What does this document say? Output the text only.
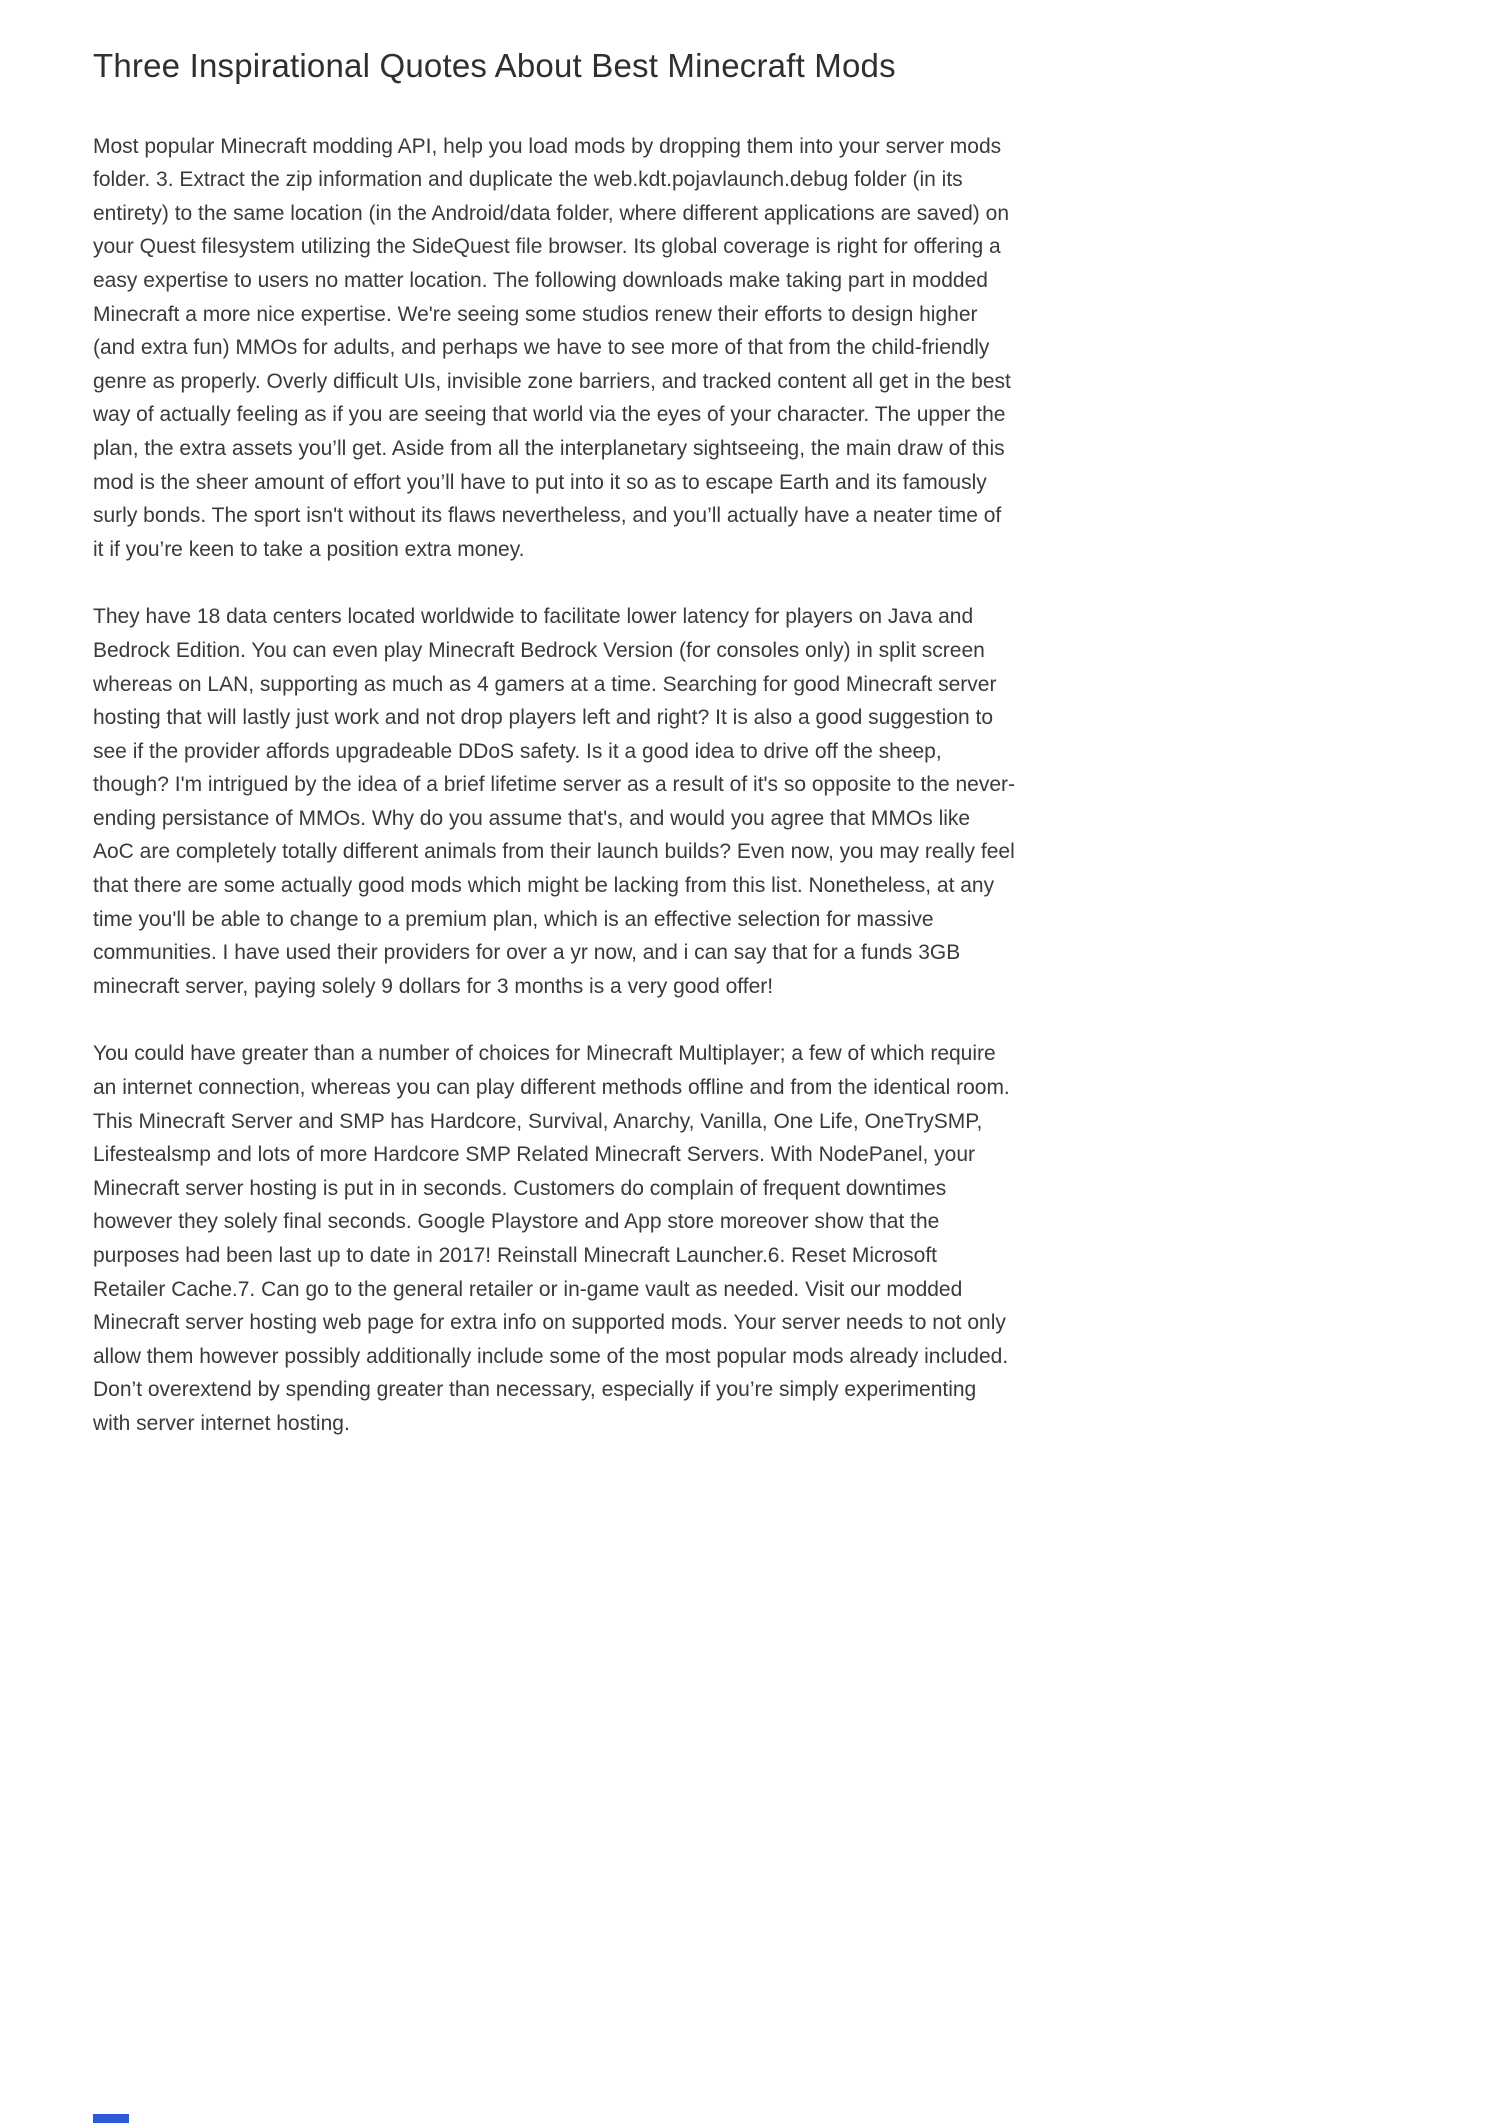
Three Inspirational Quotes About Best Minecraft Mods

Most popular Minecraft modding API, help you load mods by dropping them into your server mods folder. 3. Extract the zip information and duplicate the web.kdt.pojavlaunch.debug folder (in its entirety) to the same location (in the Android/data folder, where different applications are saved) on your Quest filesystem utilizing the SideQuest file browser. Its global coverage is right for offering a easy expertise to users no matter location. The following downloads make taking part in modded Minecraft a more nice expertise. We're seeing some studios renew their efforts to design higher (and extra fun) MMOs for adults, and perhaps we have to see more of that from the child-friendly genre as properly. Overly difficult UIs, invisible zone barriers, and tracked content all get in the best way of actually feeling as if you are seeing that world via the eyes of your character. The upper the plan, the extra assets you’ll get. Aside from all the interplanetary sightseeing, the main draw of this mod is the sheer amount of effort you’ll have to put into it so as to escape Earth and its famously surly bonds. The sport isn't without its flaws nevertheless, and you’ll actually have a neater time of it if you’re keen to take a position extra money.

They have 18 data centers located worldwide to facilitate lower latency for players on Java and Bedrock Edition. You can even play Minecraft Bedrock Version (for consoles only) in split screen whereas on LAN, supporting as much as 4 gamers at a time. Searching for good Minecraft server hosting that will lastly just work and not drop players left and right? It is also a good suggestion to see if the provider affords upgradeable DDoS safety. Is it a good idea to drive off the sheep, though? I'm intrigued by the idea of a brief lifetime server as a result of it's so opposite to the never-ending persistance of MMOs. Why do you assume that's, and would you agree that MMOs like AoC are completely totally different animals from their launch builds? Even now, you may really feel that there are some actually good mods which might be lacking from this list. Nonetheless, at any time you'll be able to change to a premium plan, which is an effective selection for massive communities. I have used their providers for over a yr now, and i can say that for a funds 3GB minecraft server, paying solely 9 dollars for 3 months is a very good offer!

You could have greater than a number of choices for Minecraft Multiplayer; a few of which require an internet connection, whereas you can play different methods offline and from the identical room. This Minecraft Server and SMP has Hardcore, Survival, Anarchy, Vanilla, One Life, OneTrySMP, Lifestealsmp and lots of more Hardcore SMP Related Minecraft Servers. With NodePanel, your Minecraft server hosting is put in in seconds. Customers do complain of frequent downtimes however they solely final seconds. Google Playstore and App store moreover show that the purposes had been last up to date in 2017! Reinstall Minecraft Launcher.6. Reset Microsoft Retailer Cache.7. Can go to the general retailer or in-game vault as needed. Visit our modded Minecraft server hosting web page for extra info on supported mods. Your server needs to not only allow them however possibly additionally include some of the most popular mods already included. Don’t overextend by spending greater than necessary, especially if you’re simply experimenting with server internet hosting.
